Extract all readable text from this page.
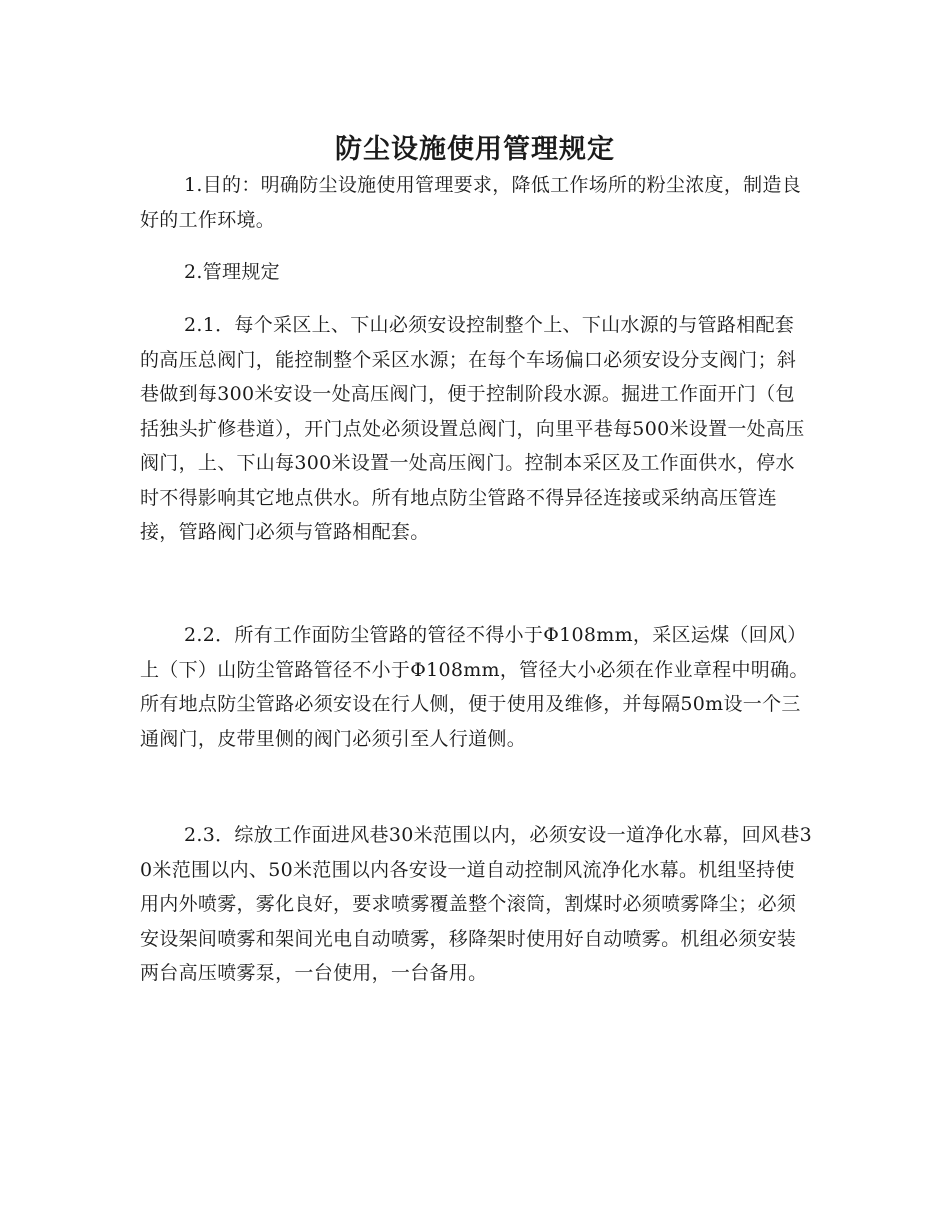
防尘设施使用管理规定

1.目的：明确防尘设施使用管理要求，降低工作场所的粉尘浓度，制造良好的工作环境。

2.管理规定

2.1．每个采区上、下山必须安设控制整个上、下山水源的与管路相配套的高压总阀门，能控制整个采区水源；在每个车场偏口必须安设分支阀门；斜巷做到每300米安设一处高压阀门，便于控制阶段水源。掘进工作面开门（包括独头扩修巷道），开门点处必须设置总阀门，向里平巷每500米设置一处高压阀门，上、下山每300米设置一处高压阀门。控制本采区及工作面供水，停水时不得影响其它地点供水。所有地点防尘管路不得异径连接或采纳高压管连接，管路阀门必须与管路相配套。

2.2．所有工作面防尘管路的管径不得小于Φ108mm，采区运煤（回风）上（下）山防尘管路管径不小于Φ108mm，管径大小必须在作业章程中明确。所有地点防尘管路必须安设在行人侧，便于使用及维修，并每隔50m设一个三通阀门，皮带里侧的阀门必须引至人行道侧。

2.3．综放工作面进风巷30米范围以内，必须安设一道净化水幕，回风巷30米范围以内、50米范围以内各安设一道自动控制风流净化水幕。机组坚持使用内外喷雾，雾化良好，要求喷雾覆盖整个滚筒，割煤时必须喷雾降尘；必须安设架间喷雾和架间光电自动喷雾，移降架时使用好自动喷雾。机组必须安装两台高压喷雾泵，一台使用，一台备用。
